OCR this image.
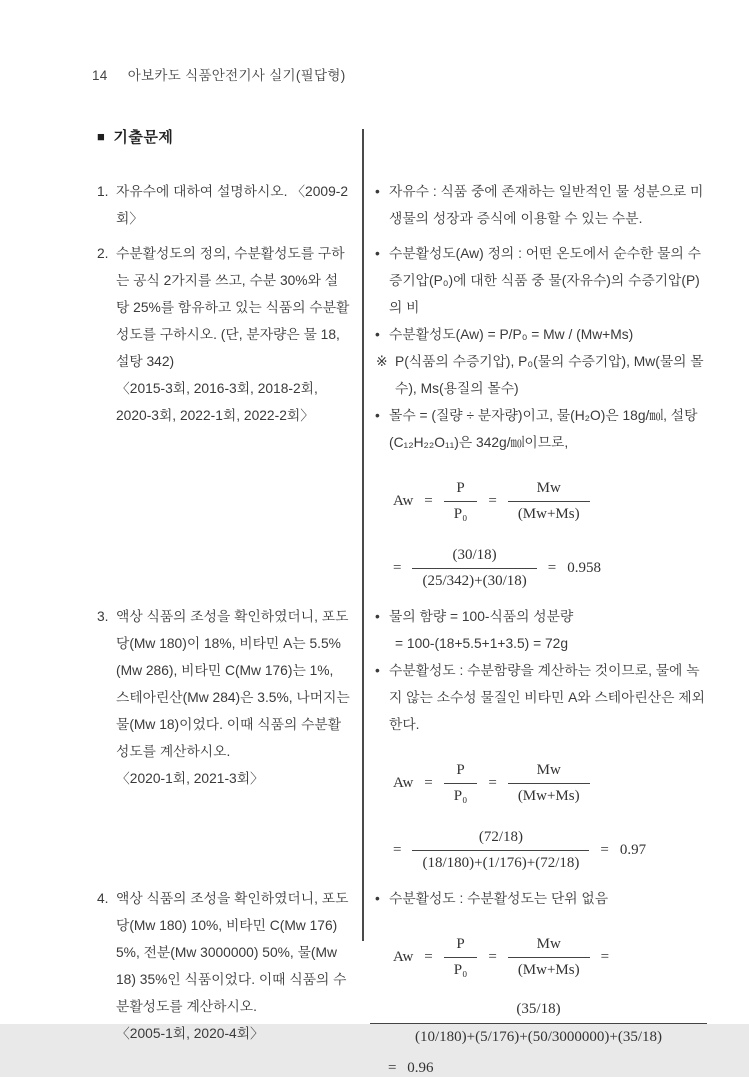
14 아보카도 식품안전기사 실기(필답형)
■ 기출문제
1. 자유수에 대하여 설명하시오. 〈2009-2회〉
• 자유수 : 식품 중에 존재하는 일반적인 물 성분으로 미생물의 성장과 증식에 이용할 수 있는 수분.
2. 수분활성도의 정의, 수분활성도를 구하는 공식 2가지를 쓰고, 수분 30%와 설탕 25%를 함유하고 있는 식품의 수분활성도를 구하시오. (단, 분자량은 물 18, 설탕 342)
〈2015-3회, 2016-3회, 2018-2회, 2020-3회, 2022-1회, 2022-2회〉
• 수분활성도(Aw) 정의 : 어떤 온도에서 순수한 물의 수증기압(P₀)에 대한 식품 중 물(자유수)의 수증기압(P)의 비
• 수분활성도(Aw) = P/P₀ = Mw / (Mw+Ms)
※ P(식품의 수증기압), P₀(물의 수증기압), Mw(물의 몰수), Ms(용질의 몰수)
• 몰수 = (질량 ÷ 분자량)이고, 물(H₂O)은 18g/㏖, 설탕(C₁₂H₂₂O₁₁)은 342g/㏖이므로,
$Aw = \frac{P}{\text{P₀}} = \frac{Mw}{(Mw+Ms)}$
= $\frac{(30/18)}{(25/342)+(30/18)} = 0.958$
3. 액상 식품의 조성을 확인하였더니, 포도당(Mw 180)이 18%, 비타민 A는 5.5%(Mw 286), 비타민 C(Mw 176)는 1%, 스테아린산(Mw 284)은 3.5%, 나머지는 물(Mw 18)이었다. 이때 식품의 수분활성도를 계산하시오.
〈2020-1회, 2021-3회〉
• 물의 함량 = 100-식품의 성분량
= 100-(18+5.5+1+3.5) = 72g
• 수분활성도 : 수분함량을 계산하는 것이므로, 물에 녹지 않는 소수성 물질인 비타민 A와 스테아린산은 제외한다.
$Aw = \frac{P}{\text{P₀}} = \frac{Mw}{(Mw+Ms)}$
= $\frac{(72/18)}{(18/180)+(1/176)+(72/18)} = 0.97$
4. 액상 식품의 조성을 확인하였더니, 포도당(Mw 180) 10%, 비타민 C(Mw 176) 5%, 전분(Mw 3000000) 50%, 물(Mw 18) 35%인 식품이었다. 이때 식품의 수분활성도를 계산하시오.
〈2005-1회, 2020-4회〉
• 수분활성도 : 수분활성도는 단위 없음
$Aw = \frac{P}{\text{P₀}} = \frac{Mw}{(Mw+Ms)}$ =
(35/18)
(10/180)+(5/176)+(50/3000000)+(35/18)
= 0.96
